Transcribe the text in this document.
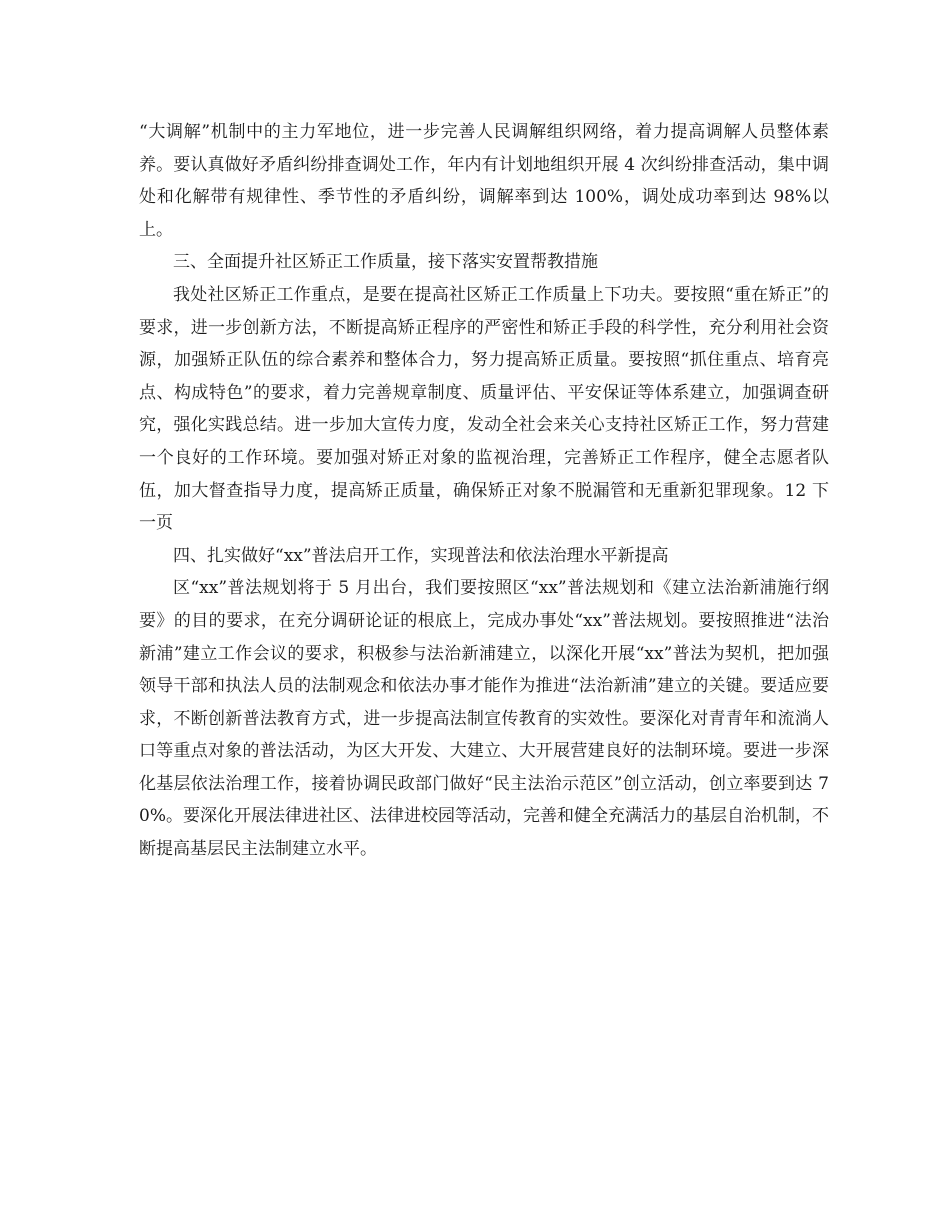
“大调解”机制中的主力军地位，进一步完善人民调解组织网络，着力提高调解人员整体素养。要认真做好矛盾纠纷排查调处工作，年内有计划地组织开展 4 次纠纷排查活动，集中调处和化解带有规律性、季节性的矛盾纠纷，调解率到达 100%，调处成功率到达 98%以上。

三、全面提升社区矫正工作质量，接下落实安置帮教措施

我处社区矫正工作重点，是要在提高社区矫正工作质量上下功夫。要按照“重在矫正”的要求，进一步创新方法，不断提高矫正程序的严密性和矫正手段的科学性，充分利用社会资源，加强矫正队伍的综合素养和整体合力，努力提高矫正质量。要按照“抓住重点、培育亮点、构成特色”的要求，着力完善规章制度、质量评估、平安保证等体系建立，加强调查研究，强化实践总结。进一步加大宣传力度，发动全社会来关心支持社区矫正工作，努力营建一个良好的工作环境。要加强对矫正对象的监视治理，完善矫正工作程序，健全志愿者队伍，加大督查指导力度，提高矫正质量，确保矫正对象不脱漏管和无重新犯罪现象。12 下一页

四、扎实做好“xx”普法启开工作，实现普法和依法治理水平新提高

区“xx”普法规划将于 5 月出台，我们要按照区“xx”普法规划和《建立法治新浦施行纲要》的目的要求，在充分调研论证的根底上，完成办事处“xx”普法规划。要按照推进“法治新浦”建立工作会议的要求，积极参与法治新浦建立，以深化开展“xx”普法为契机，把加强领导干部和执法人员的法制观念和依法办事才能作为推进“法治新浦”建立的关键。要适应要求，不断创新普法教育方式，进一步提高法制宣传教育的实效性。要深化对青青年和流淌人口等重点对象的普法活动，为区大开发、大建立、大开展营建良好的法制环境。要进一步深化基层依法治理工作，接着协调民政部门做好“民主法治示范区”创立活动，创立率要到达 70%。要深化开展法律进社区、法律进校园等活动，完善和健全充满活力的基层自治机制，不断提高基层民主法制建立水平。
